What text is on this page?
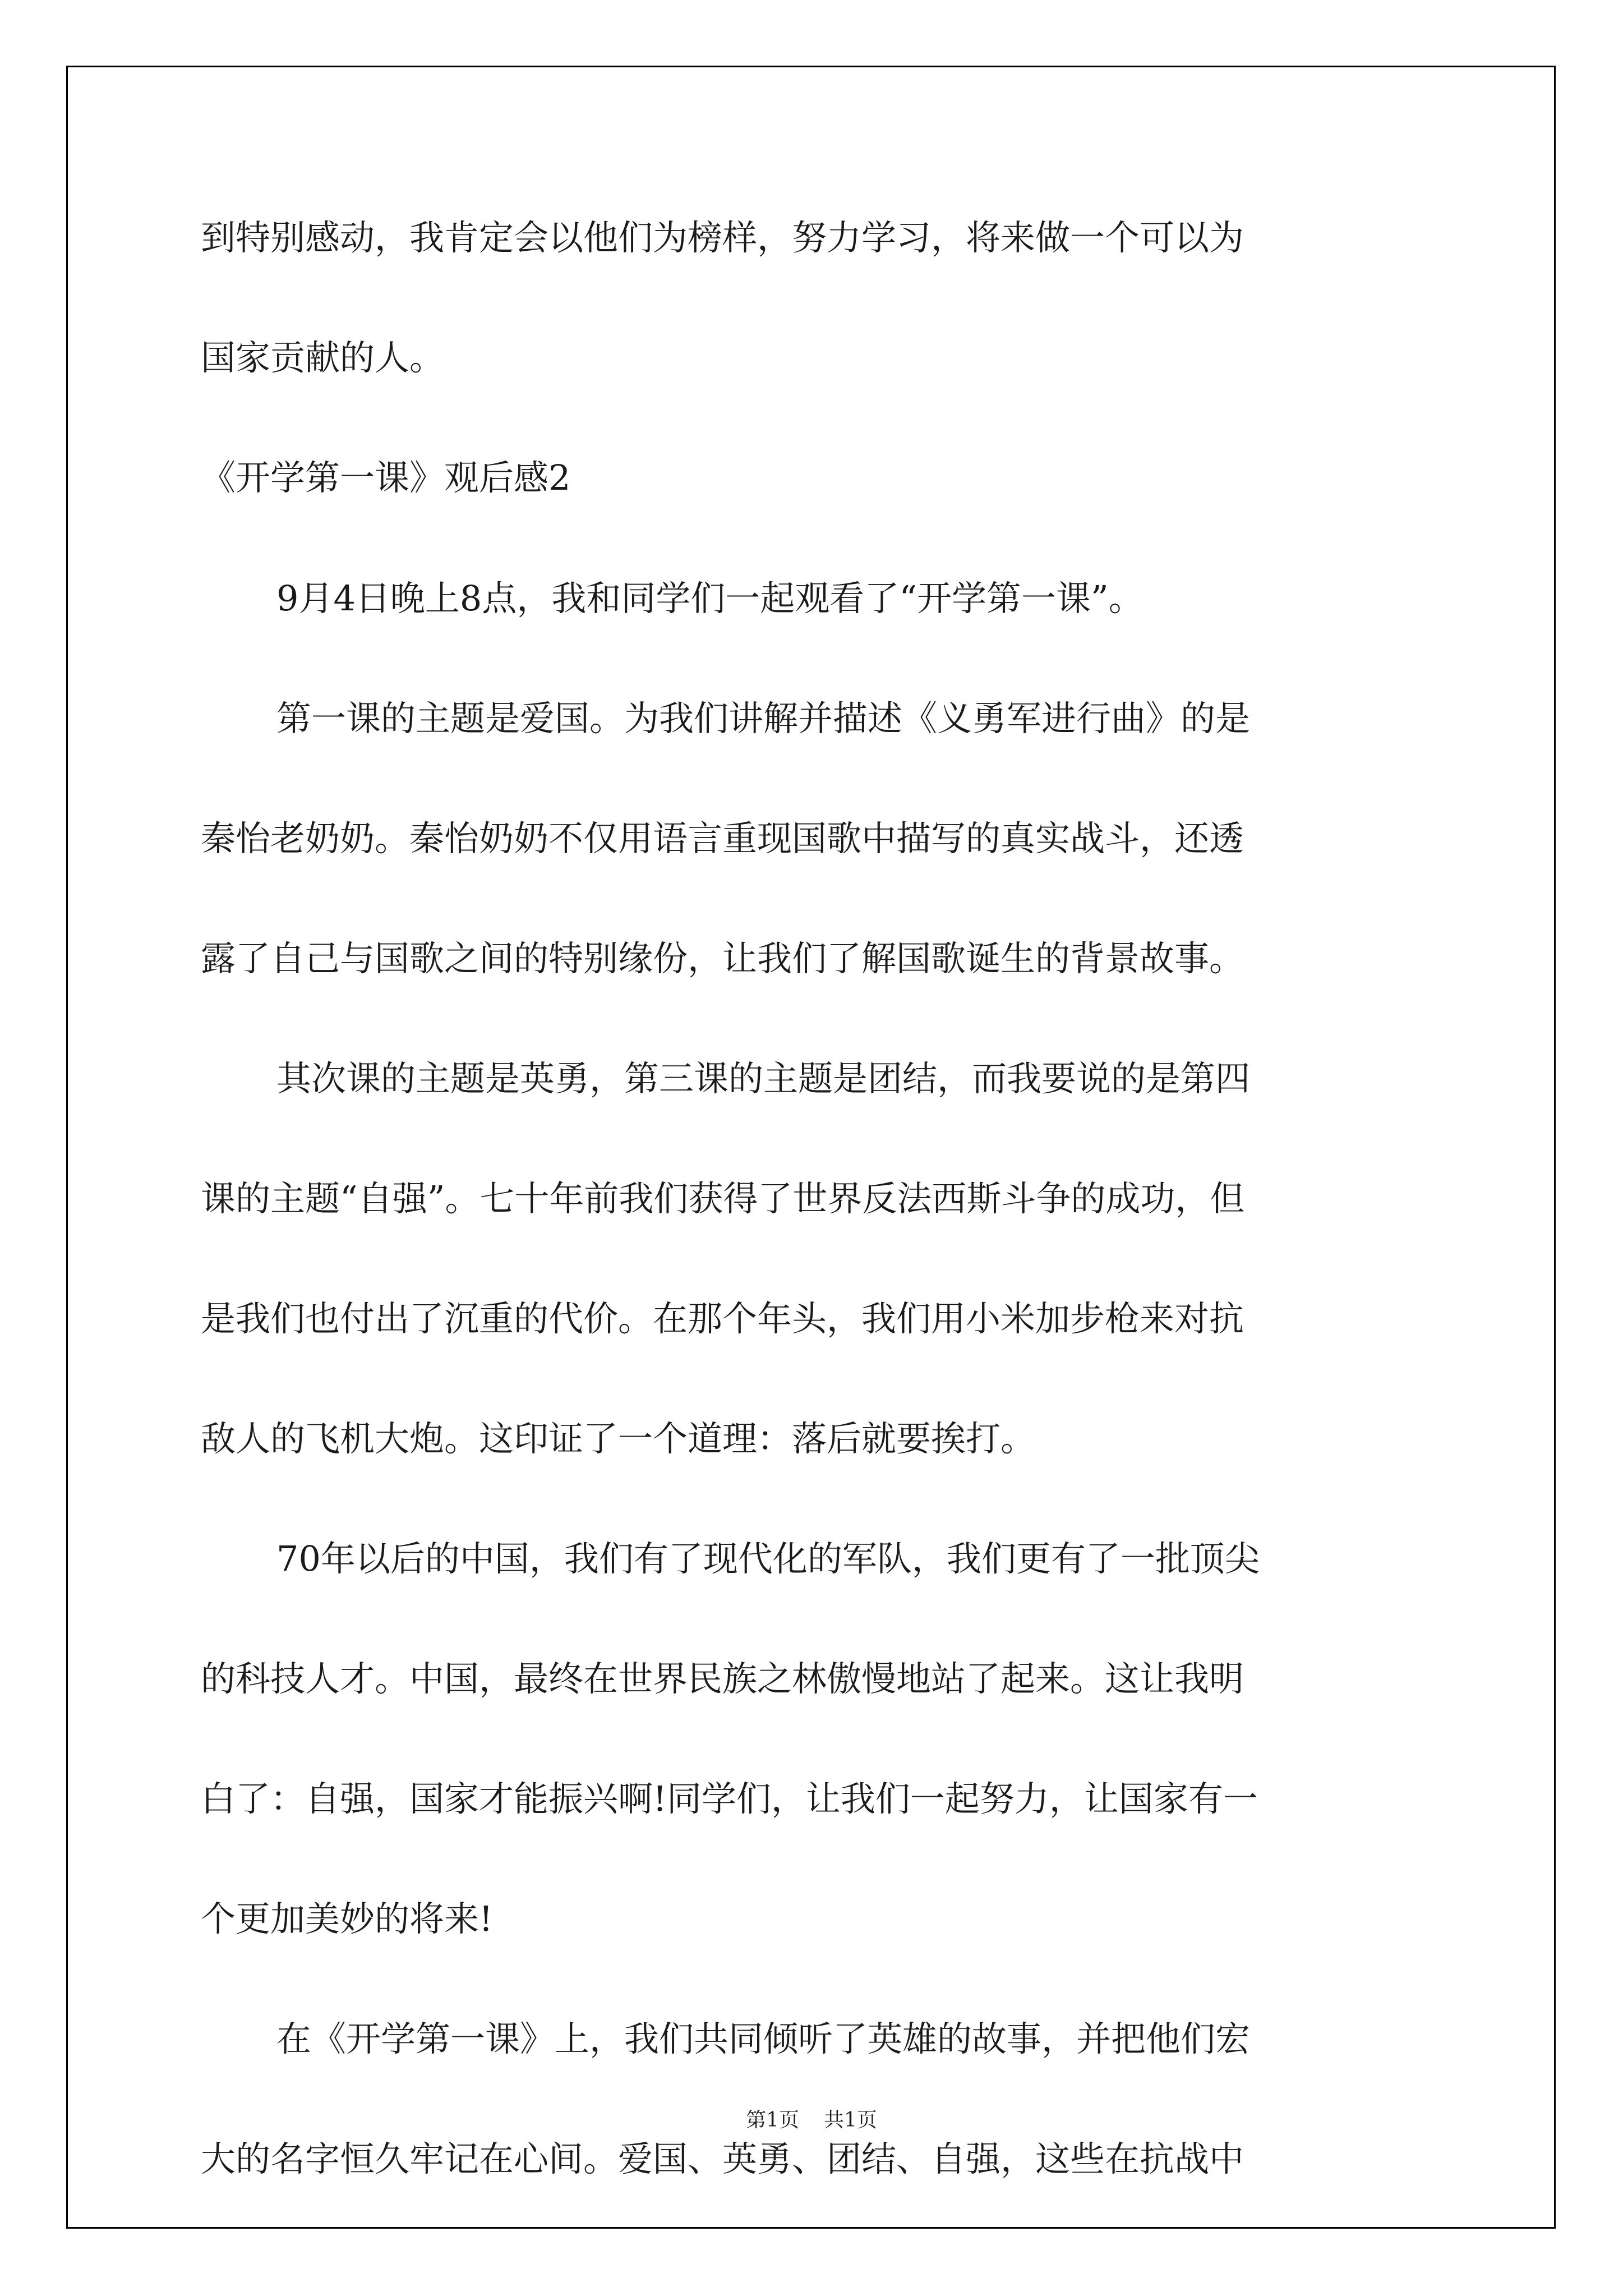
到特别感动，我肯定会以他们为榜样，努力学习，将来做一个可以为

国家贡献的人。

《开学第一课》观后感2

9月4日晚上8点，我和同学们一起观看了“开学第一课”。

第一课的主题是爱国。为我们讲解并描述《义勇军进行曲》的是

秦怡老奶奶。秦怡奶奶不仅用语言重现国歌中描写的真实战斗，还透

露了自己与国歌之间的特别缘份，让我们了解国歌诞生的背景故事。

其次课的主题是英勇，第三课的主题是团结，而我要说的是第四

课的主题“自强”。七十年前我们获得了世界反法西斯斗争的成功，但

是我们也付出了沉重的代价。在那个年头，我们用小米加步枪来对抗

敌人的飞机大炮。这印证了一个道理：落后就要挨打。

70年以后的中国，我们有了现代化的军队，我们更有了一批顶尖

的科技人才。中国，最终在世界民族之林傲慢地站了起来。这让我明

白了：自强，国家才能振兴啊!同学们，让我们一起努力，让国家有一

个更加美妙的将来!

在《开学第一课》上，我们共同倾听了英雄的故事，并把他们宏

大的名字恒久牢记在心间。爱国、英勇、团结、自强，这些在抗战中

第1页 共1页
